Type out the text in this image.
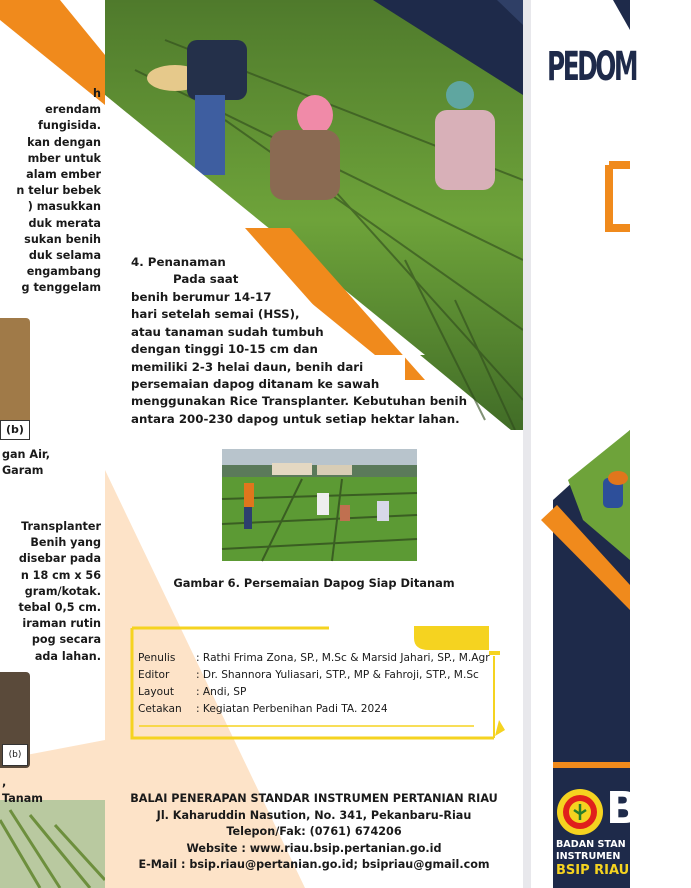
h
erendam
fungisida.
kan dengan
mber untuk
alam ember
n telur bebek
) masukkan
duk merata
sukan benih
duk selama
engambang
g tenggelam
(b)
gan Air,
Garam
Transplanter
Benih yang
disebar pada
n 18 cm x 56
gram/kotak.
tebal 0,5 cm.
iraman rutin
pog secara
ada lahan.
(b)
,
Tanam
4. Penanaman
Pada saat
benih berumur 14-17
hari setelah semai (HSS),
atau tanaman sudah tumbuh
dengan tinggi 10-15 cm dan
memiliki 2-3 helai daun, benih dari
persemaian dapog ditanam ke sawah
menggunakan Rice Transplanter. Kebutuhan benih
antara 200-230 dapog untuk setiap hektar lahan.
Gambar 6. Persemaian Dapog Siap Ditanam
Penulis : Rathi Frima Zona, SP., M.Sc & Marsid Jahari, SP., M.Agr
Editor	: Dr. Shannora Yuliasari, STP., MP & Fahroji, STP., M.Sc
Layout : Andi, SP
Cetakan : Kegiatan Perbenihan Padi TA. 2024
BALAI PENERAPAN STANDAR INSTRUMEN PERTANIAN RIAU
Jl. Kaharuddin Nasution, No. 341, Pekanbaru-Riau
Telepon/Fak: (0761) 674206
Website : www.riau.bsip.pertanian.go.id
E-Mail : bsip.riau@pertanian.go.id; bsipriau@gmail.com
PEDOM
B
BADAN STAN
INSTRUMEN
BSIP RIAU
